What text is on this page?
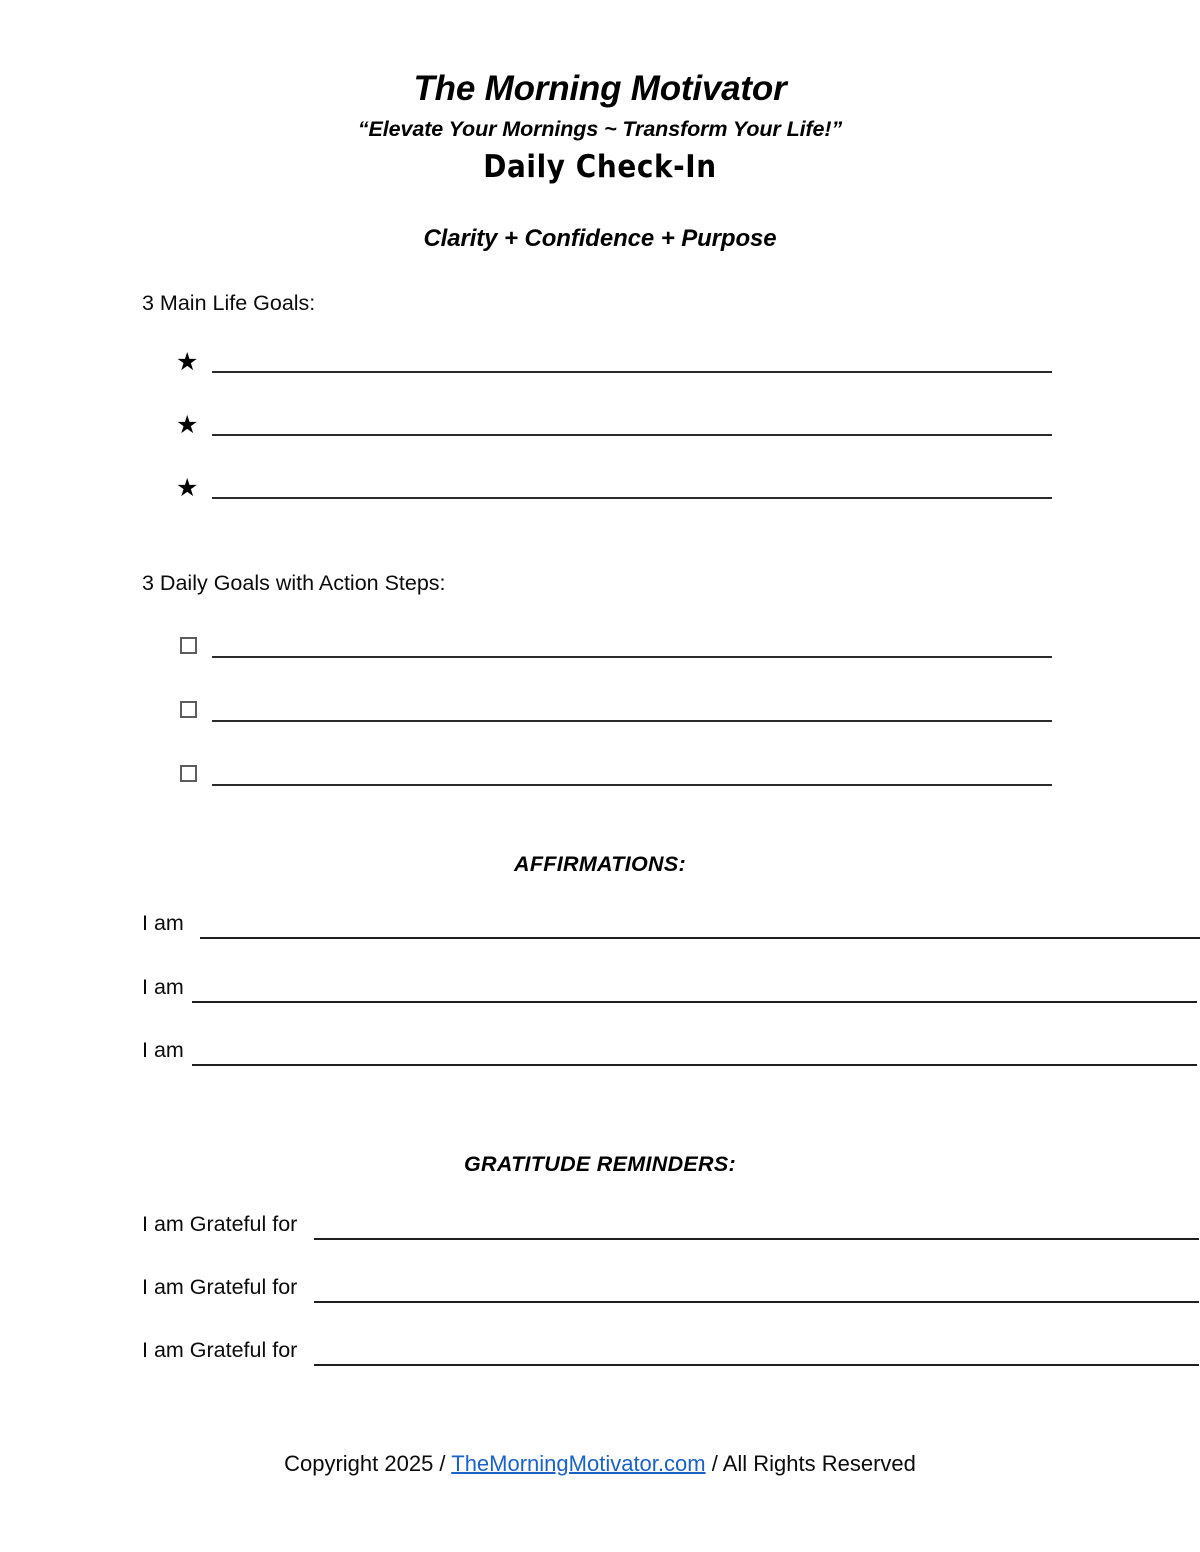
The Morning Motivator
“Elevate Your Mornings ~ Transform Your Life!”
Daily Check-In
Clarity + Confidence + Purpose
3 Main Life Goals:
★
★
★
3 Daily Goals with Action Steps:
AFFIRMATIONS:
I am
I am
I am
GRATITUDE REMINDERS:
I am Grateful for
I am Grateful for
I am Grateful for
Copyright 2025 / TheMorningMotivator.com / All Rights Reserved
